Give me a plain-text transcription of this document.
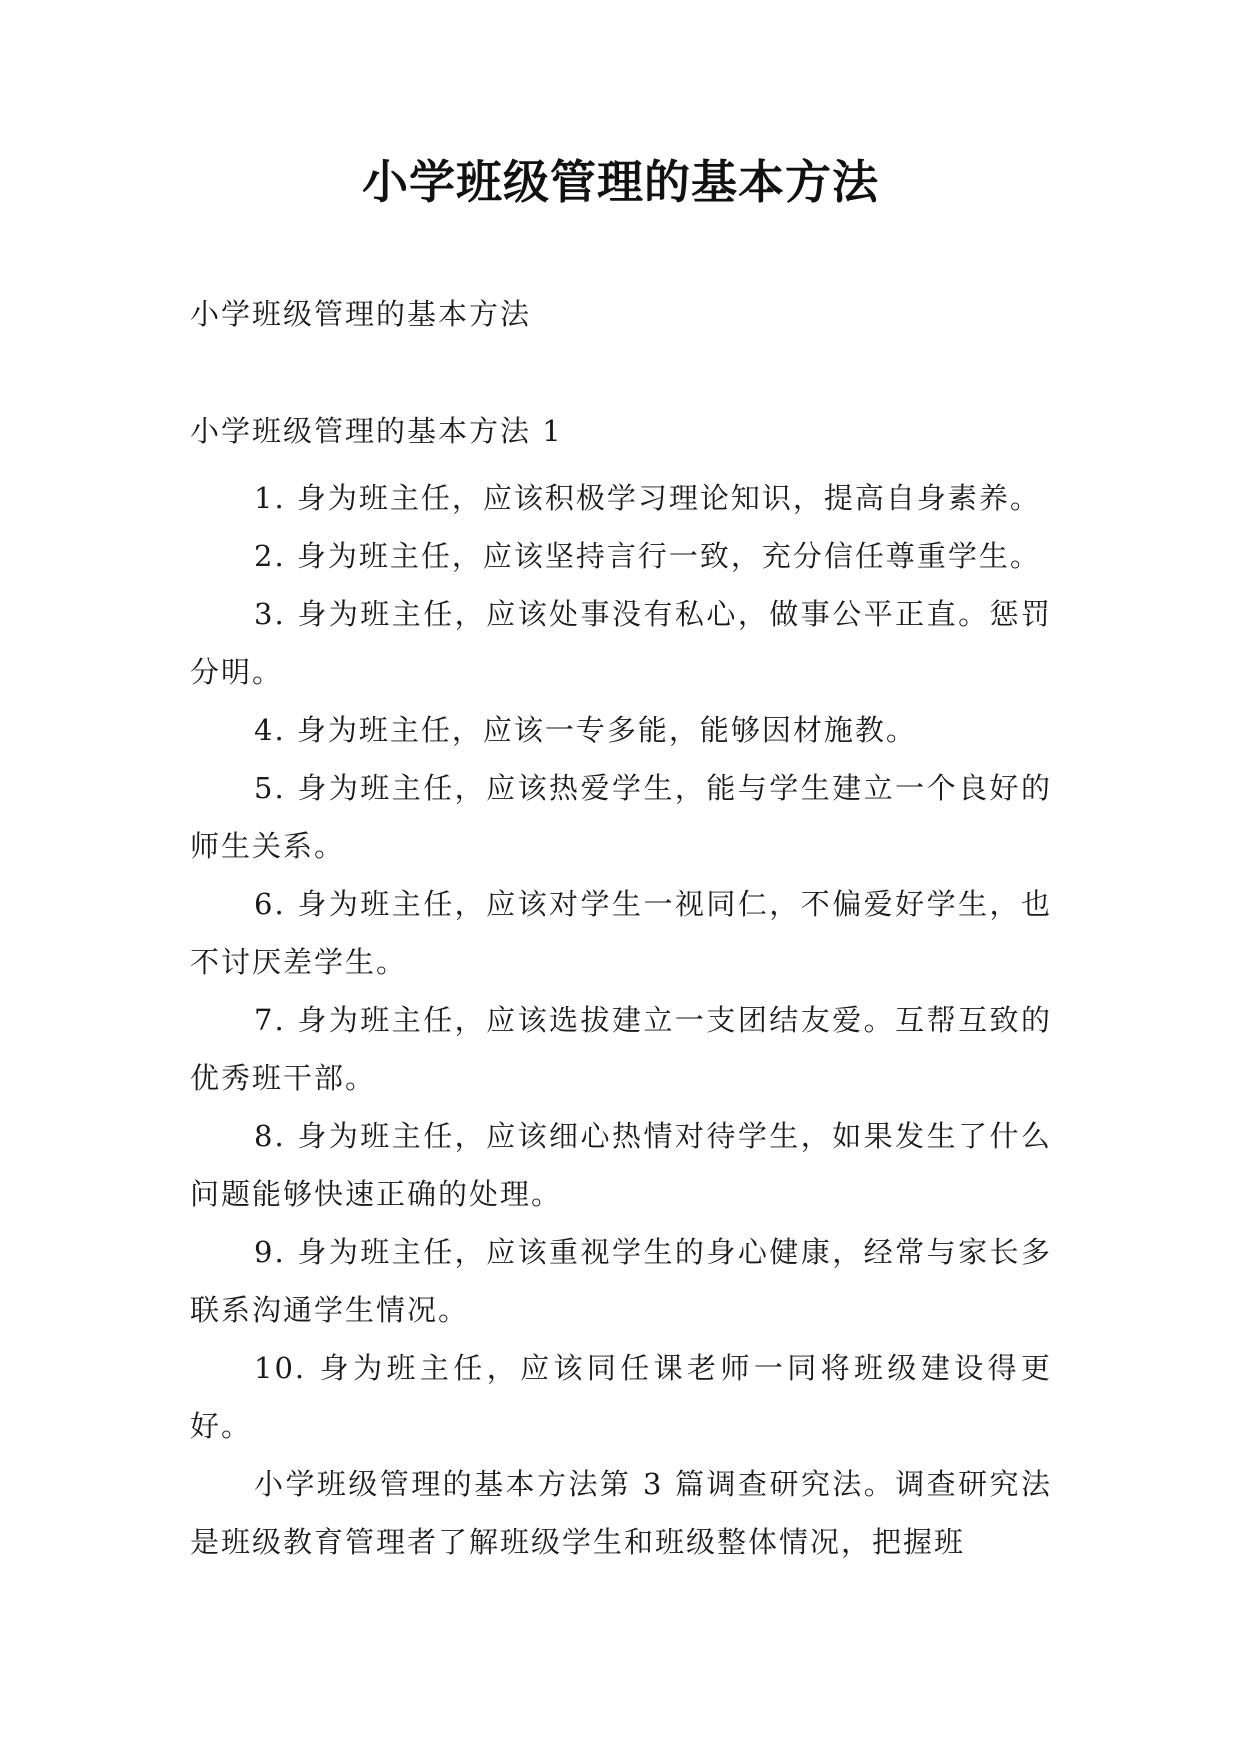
小学班级管理的基本方法
小学班级管理的基本方法
小学班级管理的基本方法 1

1. 身为班主任，应该积极学习理论知识，提高自身素养。

2. 身为班主任，应该坚持言行一致，充分信任尊重学生。

3. 身为班主任，应该处事没有私心，做事公平正直。惩罚分明。

4. 身为班主任，应该一专多能，能够因材施教。

5. 身为班主任，应该热爱学生，能与学生建立一个良好的师生关系。

6. 身为班主任，应该对学生一视同仁，不偏爱好学生，也不讨厌差学生。

7. 身为班主任，应该选拔建立一支团结友爱。互帮互致的优秀班干部。

8. 身为班主任，应该细心热情对待学生，如果发生了什么问题能够快速正确的处理。

9. 身为班主任，应该重视学生的身心健康，经常与家长多联系沟通学生情况。

10. 身为班主任，应该同任课老师一同将班级建设得更好。

小学班级管理的基本方法第 3 篇调查研究法。调查研究法是班级教育管理者了解班级学生和班级整体情况，把握班
